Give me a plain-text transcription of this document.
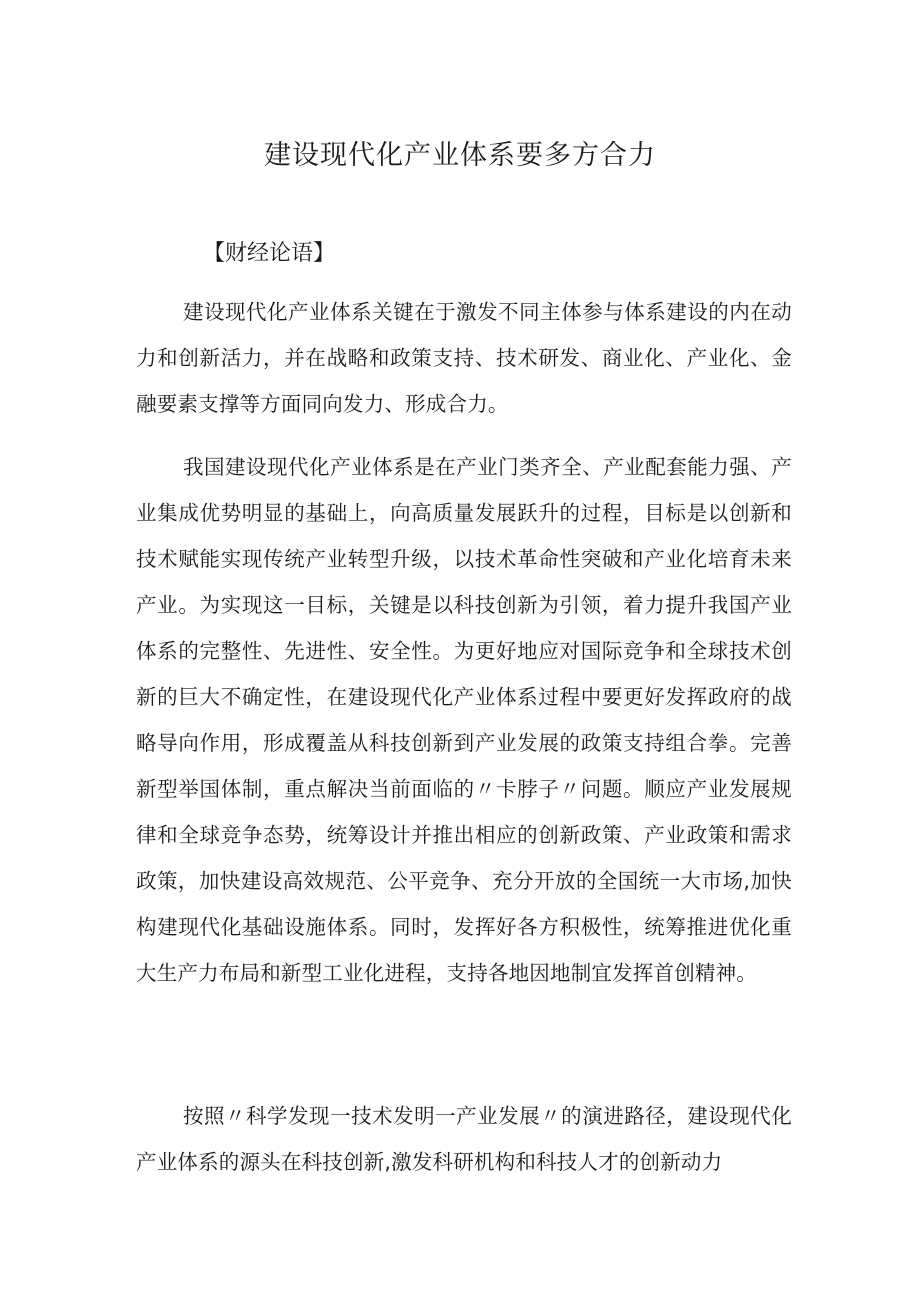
建设现代化产业体系要多方合力

【财经论语】

建设现代化产业体系关键在于激发不同主体参与体系建设的内在动力和创新活力，并在战略和政策支持、技术研发、商业化、产业化、金融要素支撑等方面同向发力、形成合力。

我国建设现代化产业体系是在产业门类齐全、产业配套能力强、产业集成优势明显的基础上，向高质量发展跃升的过程，目标是以创新和技术赋能实现传统产业转型升级，以技术革命性突破和产业化培育未来产业。为实现这一目标，关键是以科技创新为引领，着力提升我国产业体系的完整性、先进性、安全性。为更好地应对国际竞争和全球技术创新的巨大不确定性，在建设现代化产业体系过程中要更好发挥政府的战略导向作用，形成覆盖从科技创新到产业发展的政策支持组合拳。完善新型举国体制，重点解决当前面临的〃卡脖子〃问题。顺应产业发展规律和全球竞争态势，统筹设计并推出相应的创新政策、产业政策和需求政策，加快建设高效规范、公平竞争、充分开放的全国统一大市场,加快构建现代化基础设施体系。同时，发挥好各方积极性，统筹推进优化重大生产力布局和新型工业化进程，支持各地因地制宜发挥首创精神。

按照〃科学发现一技术发明一产业发展〃的演进路径，建设现代化产业体系的源头在科技创新,激发科研机构和科技人才的创新动力
